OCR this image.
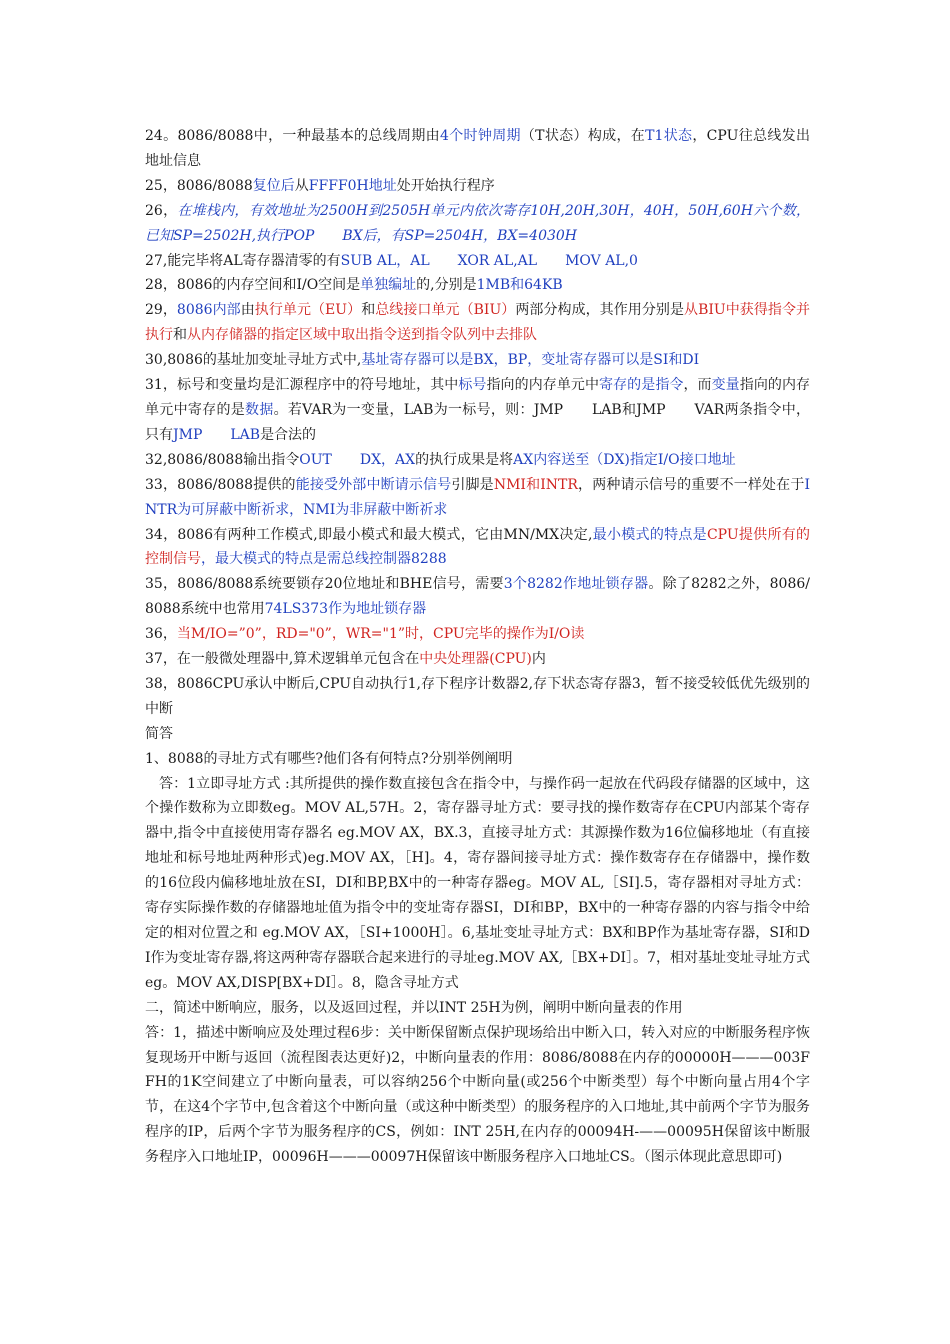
24。8086/8088中，一种最基本的总线周期由4个时钟周期（T状态）构成，在T1状态，CPU往总线发出地址信息

25，8086/8088复位后从FFFF0H地址处开始执行程序

26，在堆栈内，有效地址为2500H到2505H单元内依次寄存10H,20H,30H，40H，50H,60H六个数，已知SP=2502H,执行POP　　BX后，有SP=2504H，BX=4030H

27,能完毕将AL寄存器清零的有SUB AL，AL　　XOR AL,AL　　MOV AL,0

28，8086的内存空间和I/O空间是单独编址的,分别是1MB和64KB

29，8086内部由执行单元（EU）和总线接口单元（BIU）两部分构成，其作用分别是从BIU中获得指令并执行和从内存储器的指定区域中取出指令送到指令队列中去排队

30,8086的基址加变址寻址方式中,基址寄存器可以是BX，BP，变址寄存器可以是SI和DI

31，标号和变量均是汇源程序中的符号地址，其中标号指向的内存单元中寄存的是指令，而变量指向的内存单元中寄存的是数据。若VAR为一变量，LAB为一标号，则：JMP　　LAB和JMP　　VAR两条指令中，只有JMP　　LAB是合法的

32,8086/8088输出指令OUT　　DX，AX的执行成果是将AX内容送至（DX)指定I/O接口地址

33，8086/8088提供的能接受外部中断请示信号引脚是NMI和INTR，两种请示信号的重要不一样处在于INTR为可屏蔽中断祈求，NMI为非屏蔽中断祈求

34，8086有两种工作模式,即最小模式和最大模式，它由MN/MX决定,最小模式的特点是CPU提供所有的控制信号，最大模式的特点是需总线控制器8288

35，8086/8088系统要锁存20位地址和BHE信号，需要3个8282作地址锁存器。除了8282之外，8086/8088系统中也常用74LS373作为地址锁存器

36，当M/IO=”0”，RD="0”，WR="1”时，CPU完毕的操作为I/O读

37，在一般微处理器中,算术逻辑单元包含在中央处理器(CPU)内

38，8086CPU承认中断后,CPU自动执行1,存下程序计数器2,存下状态寄存器3，暂不接受较低优先级别的中断

简答

1、8088的寻址方式有哪些?他们各有何特点?分别举例阐明

　答：1立即寻址方式 :其所提供的操作数直接包含在指令中，与操作码一起放在代码段存储器的区域中，这个操作数称为立即数eg。MOV AL,57H。2，寄存器寻址方式：要寻找的操作数寄存在CPU内部某个寄存器中,指令中直接使用寄存器名 eg.MOV AX，BX.3，直接寻址方式：其源操作数为16位偏移地址（有直接地址和标号地址两种形式)eg.MOV AX，［H]。4，寄存器间接寻址方式：操作数寄存在存储器中，操作数的16位段内偏移地址放在SI，DI和BP,BX中的一种寄存器eg。MOV AL,［SI].5，寄存器相对寻址方式：寄存实际操作数的存储器地址值为指令中的变址寄存器SI，DI和BP，BX中的一种寄存器的内容与指令中给定的相对位置之和 eg.MOV AX，［SI+1000H］。6,基址变址寻址方式：BX和BP作为基址寄存器，SI和DI作为变址寄存器,将这两种寄存器联合起来进行的寻址eg.MOV AX,［BX+DI］。7，相对基址变址寻址方式eg。MOV AX,DISP[BX+DI］。8，隐含寻址方式

二，简述中断响应，服务，以及返回过程，并以INT 25H为例，阐明中断向量表的作用

答：1，描述中断响应及处理过程6步：关中断保留断点保护现场给出中断入口，转入对应的中断服务程序恢复现场开中断与返回（流程图表达更好)2，中断向量表的作用：8086/8088在内存的00000H———003FFH的1K空间建立了中断向量表，可以容纳256个中断向量(或256个中断类型）每个中断向量占用4个字节，在这4个字节中,包含着这个中断向量（或这种中断类型）的服务程序的入口地址,其中前两个字节为服务程序的IP，后两个字节为服务程序的CS，例如：INT 25H,在内存的00094H-——00095H保留该中断服务程序入口地址IP，00096H———00097H保留该中断服务程序入口地址CS。（图示体现此意思即可)
